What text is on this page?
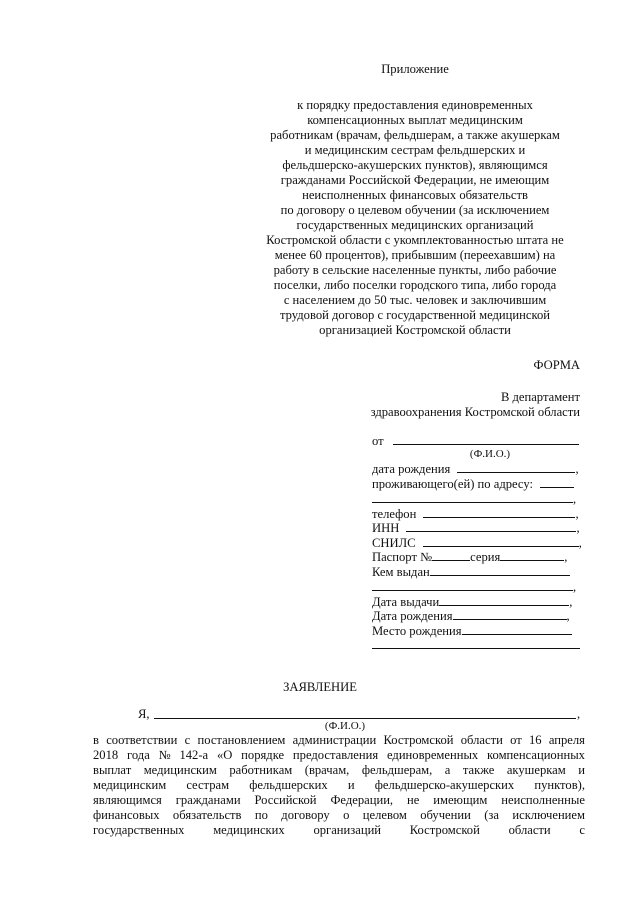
Приложение
к порядку предоставления единовременных
компенсационных выплат медицинским
работникам (врачам, фельдшерам, а также акушеркам
и медицинским сестрам фельдшерских и
фельдшерско-акушерских пунктов), являющимся
гражданами Российской Федерации, не имеющим
неисполненных финансовых обязательств
по договору о целевом обучении (за исключением
государственных медицинских организаций
Костромской области с укомплектованностью штата не
менее 60 процентов), прибывшим (переехавшим) на
работу в сельские населенные пункты, либо рабочие
поселки, либо поселки городского типа, либо города
с населением до 50 тыс. человек и заключившим
трудовой договор с государственной медицинской
организацией Костромской области
ФОРМА
В департамент
здравоохранения Костромской области
от
(Ф.И.О.)
дата рождения	,
проживающего(ей) по адресу:
,
телефон	,
ИНН	,
СНИЛС	,
Паспорт №	серия	,
Кем выдан
,
Дата выдачи	,
Дата рождения	,
Место рождения
ЗАЯВЛЕНИЕ
Я,	,
(Ф.И.О.)
в соответствии с постановлением администрации Костромской области от 16 апреля
2018 года № 142-а «О порядке предоставления единовременных компенсационных
выплат медицинским работникам (врачам, фельдшерам, а также акушеркам и
медицинским сестрам фельдшерских и фельдшерско-акушерских пунктов),
являющимся гражданами Российской Федерации, не имеющим неисполненные
финансовых обязательств по договору о целевом обучении (за исключением
государственных медицинских организаций Костромской области с
